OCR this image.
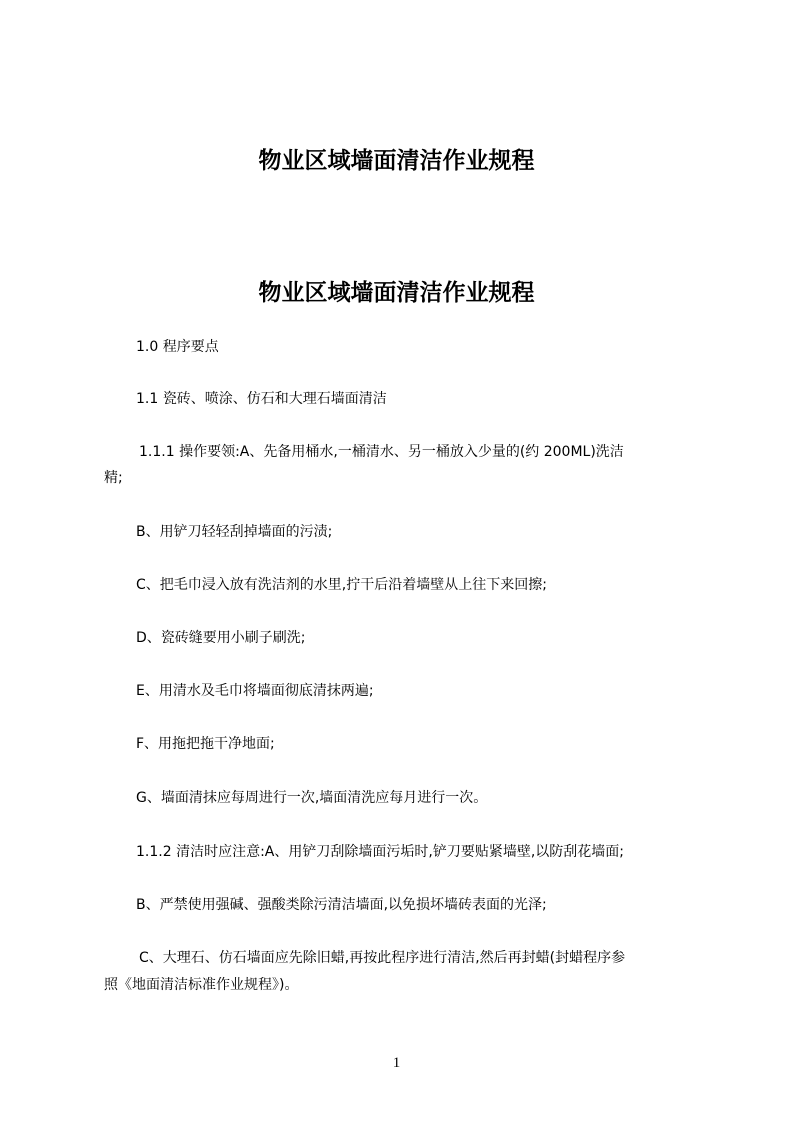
物业区域墙面清洁作业规程
物业区域墙面清洁作业规程
1.0 程序要点
1.1 瓷砖、喷涂、仿石和大理石墙面清洁
1.1.1 操作要领:A、先备用桶水,一桶清水、另一桶放入少量的(约 200ML)洗洁
精;
B、用铲刀轻轻刮掉墙面的污渍;
C、把毛巾浸入放有洗洁剂的水里,拧干后沿着墙壁从上往下来回擦;
D、瓷砖缝要用小刷子刷洗;
E、用清水及毛巾将墙面彻底清抹两遍;
F、用拖把拖干净地面;
G、墙面清抹应每周进行一次,墙面清洗应每月进行一次。
1.1.2 清洁时应注意:A、用铲刀刮除墙面污垢时,铲刀要贴紧墙壁,以防刮花墙面;
B、严禁使用强碱、强酸类除污清洁墙面,以免损坏墙砖表面的光泽;
C、大理石、仿石墙面应先除旧蜡,再按此程序进行清洁,然后再封蜡(封蜡程序参
照《地面清洁标准作业规程》)。
1
